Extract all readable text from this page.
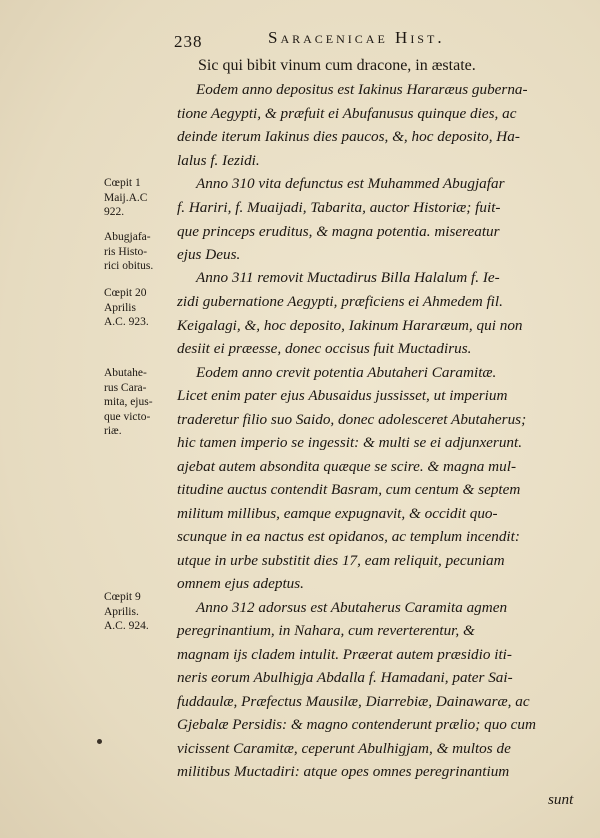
238	Saracenicae Hist.
Cœpit 1
Maij.A.C
922.
Abugjafa-
ris Histo-
rici obitus.
Cœpit 20
Aprilis
A.C. 923.
Abutahe-
rus Cara-
mita, ejus-
que victo-
riæ.
Cœpit 9
Aprilis.
A.C. 924.
Sic qui bibit vinum cum dracone, in æstate.
Eodem anno depositus est Iakinus Hararæus guberna-
tione Aegypti, & præfuit ei Abufanusus quinque dies, ac
deinde iterum Iakinus dies paucos, &, hoc deposito, Ha-
lalus f. Iezidi.
Anno 310 vita defunctus est Muhammed Abugjafar
f. Hariri, f. Muaijadi, Tabarita, auctor Historiæ; fuit-
que princeps eruditus, & magna potentia. misereatur
ejus Deus.
Anno 311 removit Muctadirus Billa Halalum f. Ie-
zidi gubernatione Aegypti, præficiens ei Ahmedem fil.
Keigalagi, &, hoc deposito, Iakinum Hararæum, qui non
desiit ei præesse, donec occisus fuit Muctadirus.
Eodem anno crevit potentia Abutaheri Caramitæ.
Licet enim pater ejus Abusaidus jussisset, ut imperium
traderetur filio suo Saido, donec adolesceret Abutaherus;
hic tamen imperio se ingessit: & multi se ei adjunxerunt.
ajebat autem absondita quæque se scire. & magna mul-
titudine auctus contendit Basram, cum centum & septem
militum millibus, eamque expugnavit, & occidit quo-
scunque in ea nactus est opidanos, ac templum incendit:
utque in urbe substitit dies 17, eam reliquit, pecuniam
omnem ejus adeptus.
Anno 312 adorsus est Abutaherus Caramita agmen
peregrinantium, in Nahara, cum reverterentur, &
magnam ijs cladem intulit. Præerat autem præsidio iti-
neris eorum Abulhigja Abdalla f. Hamadani, pater Sai-
fuddaulæ, Præfectus Mausilæ, Diarrebiæ, Dainawaræ, ac
Gjebalæ Persidis: & magno contenderunt prælio; quo cum
vicissent Caramitæ, ceperunt Abulhigjam, & multos de
militibus Muctadiri: atque opes omnes peregrinantium
sunt
